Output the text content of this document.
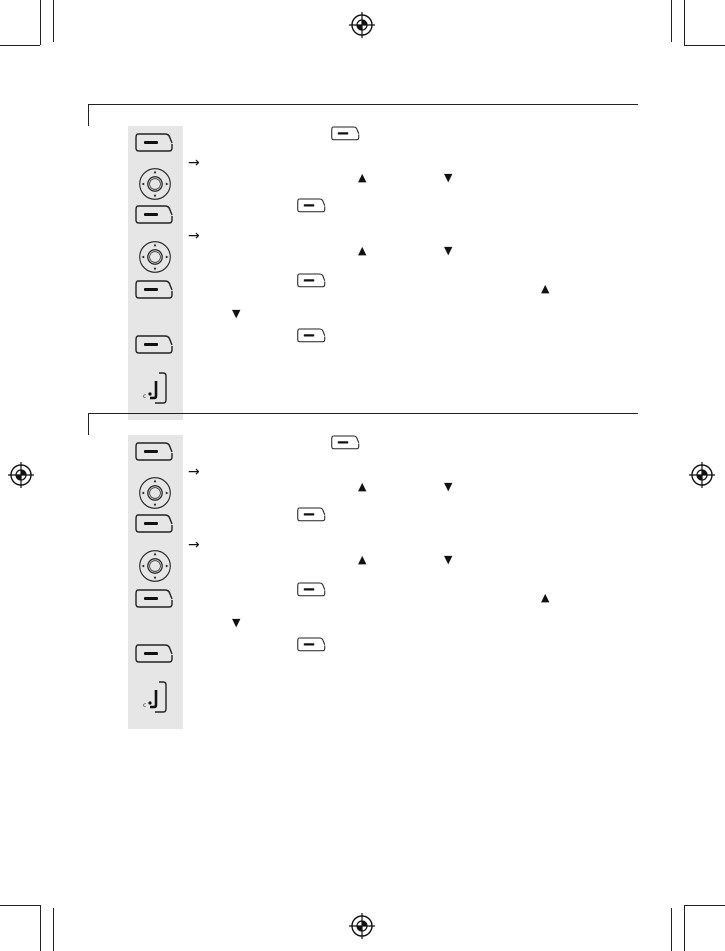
→
▲	▼
→
▲	▼
▲
▼
→
▲	▼
→
▲	▼
▲
▼
